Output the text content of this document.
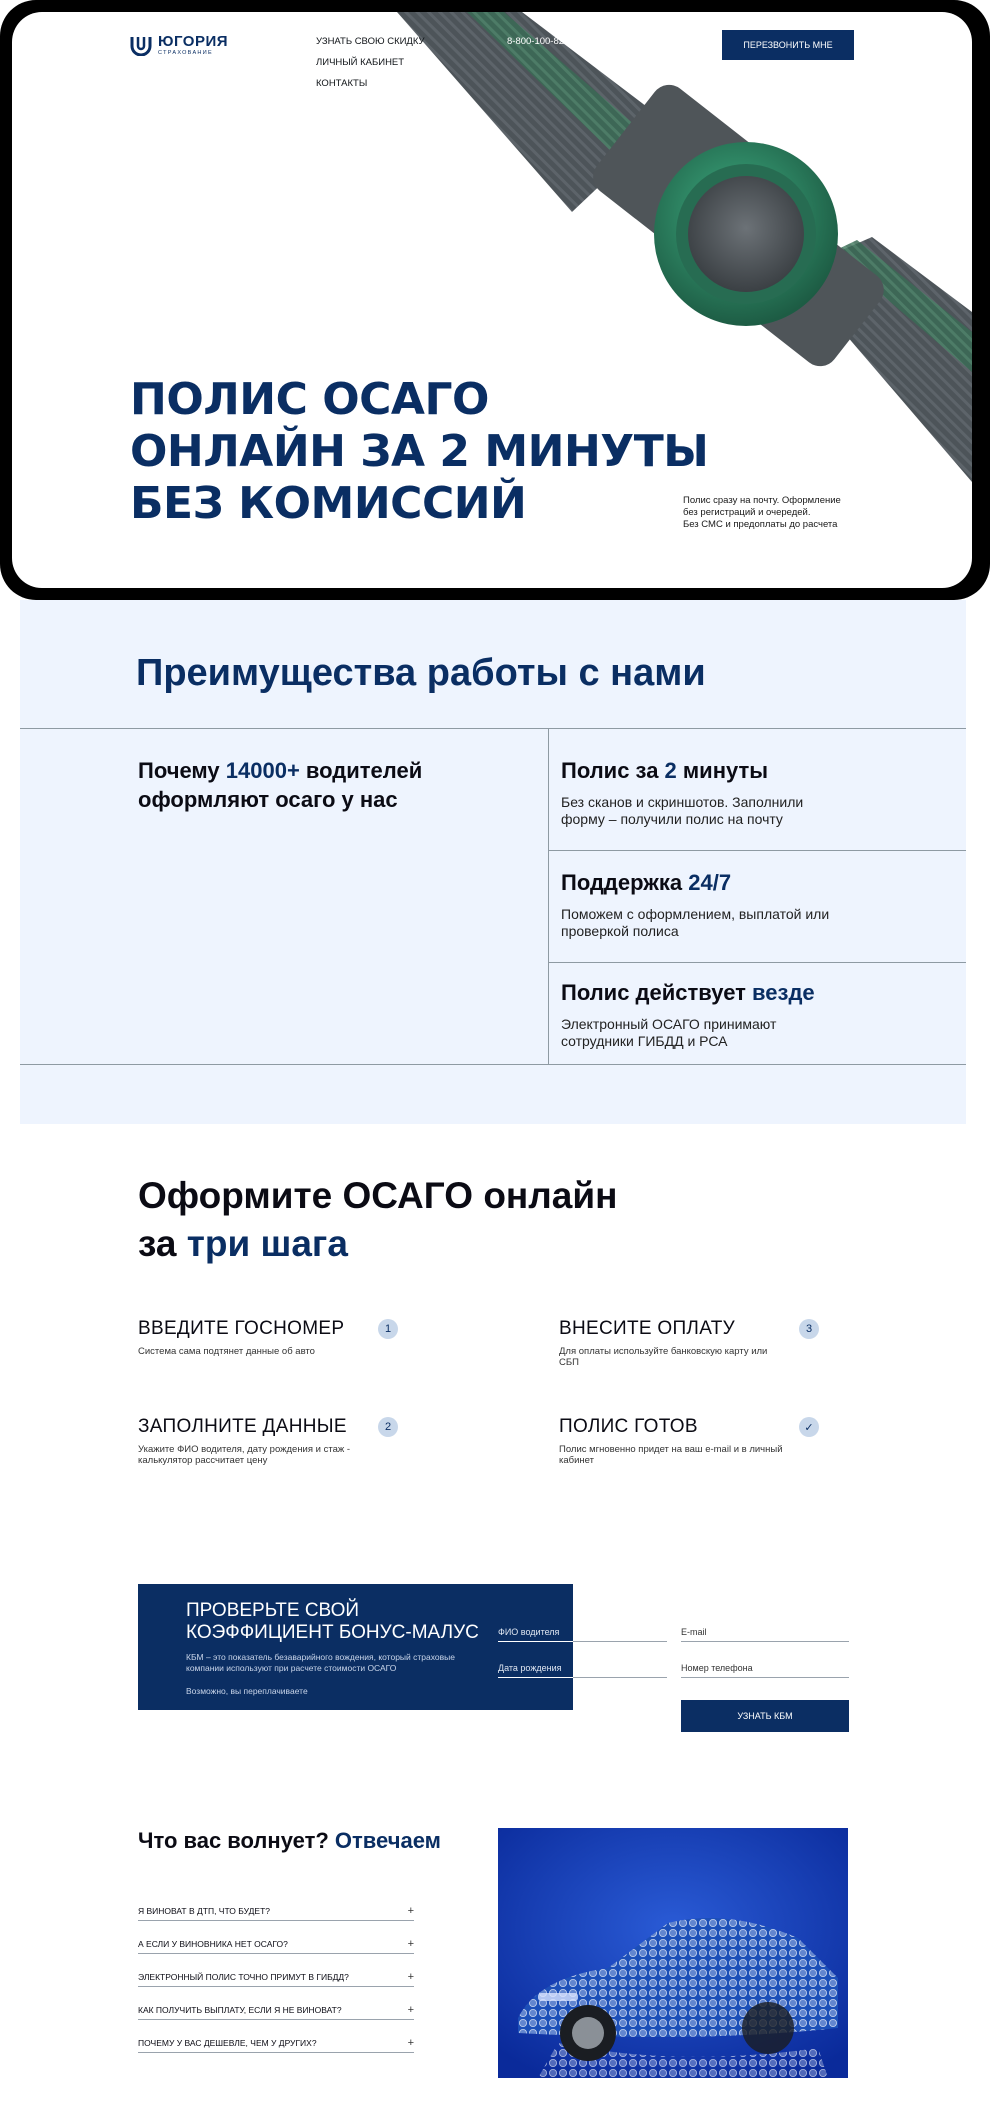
ЮГОРИЯ
СТРАХОВАНИЕ
УЗНАТЬ СВОЮ СКИДКУ
ЛИЧНЫЙ КАБИНЕТ
КОНТАКТЫ
8-800-100-82-00	ПЕРЕЗВОНИТЬ МНЕ
ПОЛИС ОСАГО
ОНЛАЙН ЗА 2 МИНУТЫ
БЕЗ КОМИССИЙ	Полис сразу на почту. Оформление
без регистраций и очередей.
Без СМС и предоплаты до расчета
Преимущества работы с нами
Почему 14000+ водителей
оформляют осаго у нас
Полис за 2 минуты

Без сканов и скриншотов. Заполнили форму – получили полис на почту

Поддержка 24/7

Поможем с оформлением, выплатой или проверкой полиса

Полис действует везде

Электронный ОСАГО принимают сотрудники ГИБДД и РСА

Оформите ОСАГО онлайн
за три шага
ВВЕДИТЕ ГОСНОМЕР	1

Система сама подтянет данные об авто

ЗАПОЛНИТЕ ДАННЫЕ	2

Укажите ФИО водителя, дату рождения и стаж - калькулятор рассчитает цену

ВНЕСИТЕ ОПЛАТУ	3

Для оплаты используйте банковскую карту или СБП

ПОЛИС ГОТОВ	✓

Полис мгновенно придет на ваш e-mail и в личный кабинет

ПРОВЕРЬТЕ СВОЙ
КОЭФФИЦИЕНТ БОНУС-МАЛУС
КБМ – это показатель безаварийного вождения, который страховые компании используют при расчете стоимости ОСАГО
Возможно, вы переплачиваете
ФИО водителя
E-mail
Дата рождения
Номер телефона
УЗНАТЬ КБМ
Что вас волнует? Отвечаем
Я ВИНОВАТ В ДТП, ЧТО БУДЕТ?	+
А ЕСЛИ У ВИНОВНИКА НЕТ ОСАГО?	+
ЭЛЕКТРОННЫЙ ПОЛИС ТОЧНО ПРИМУТ В ГИБДД?	+
КАК ПОЛУЧИТЬ ВЫПЛАТУ, ЕСЛИ Я НЕ ВИНОВАТ?	+
ПОЧЕМУ У ВАС ДЕШЕВЛЕ, ЧЕМ У ДРУГИХ?	+
